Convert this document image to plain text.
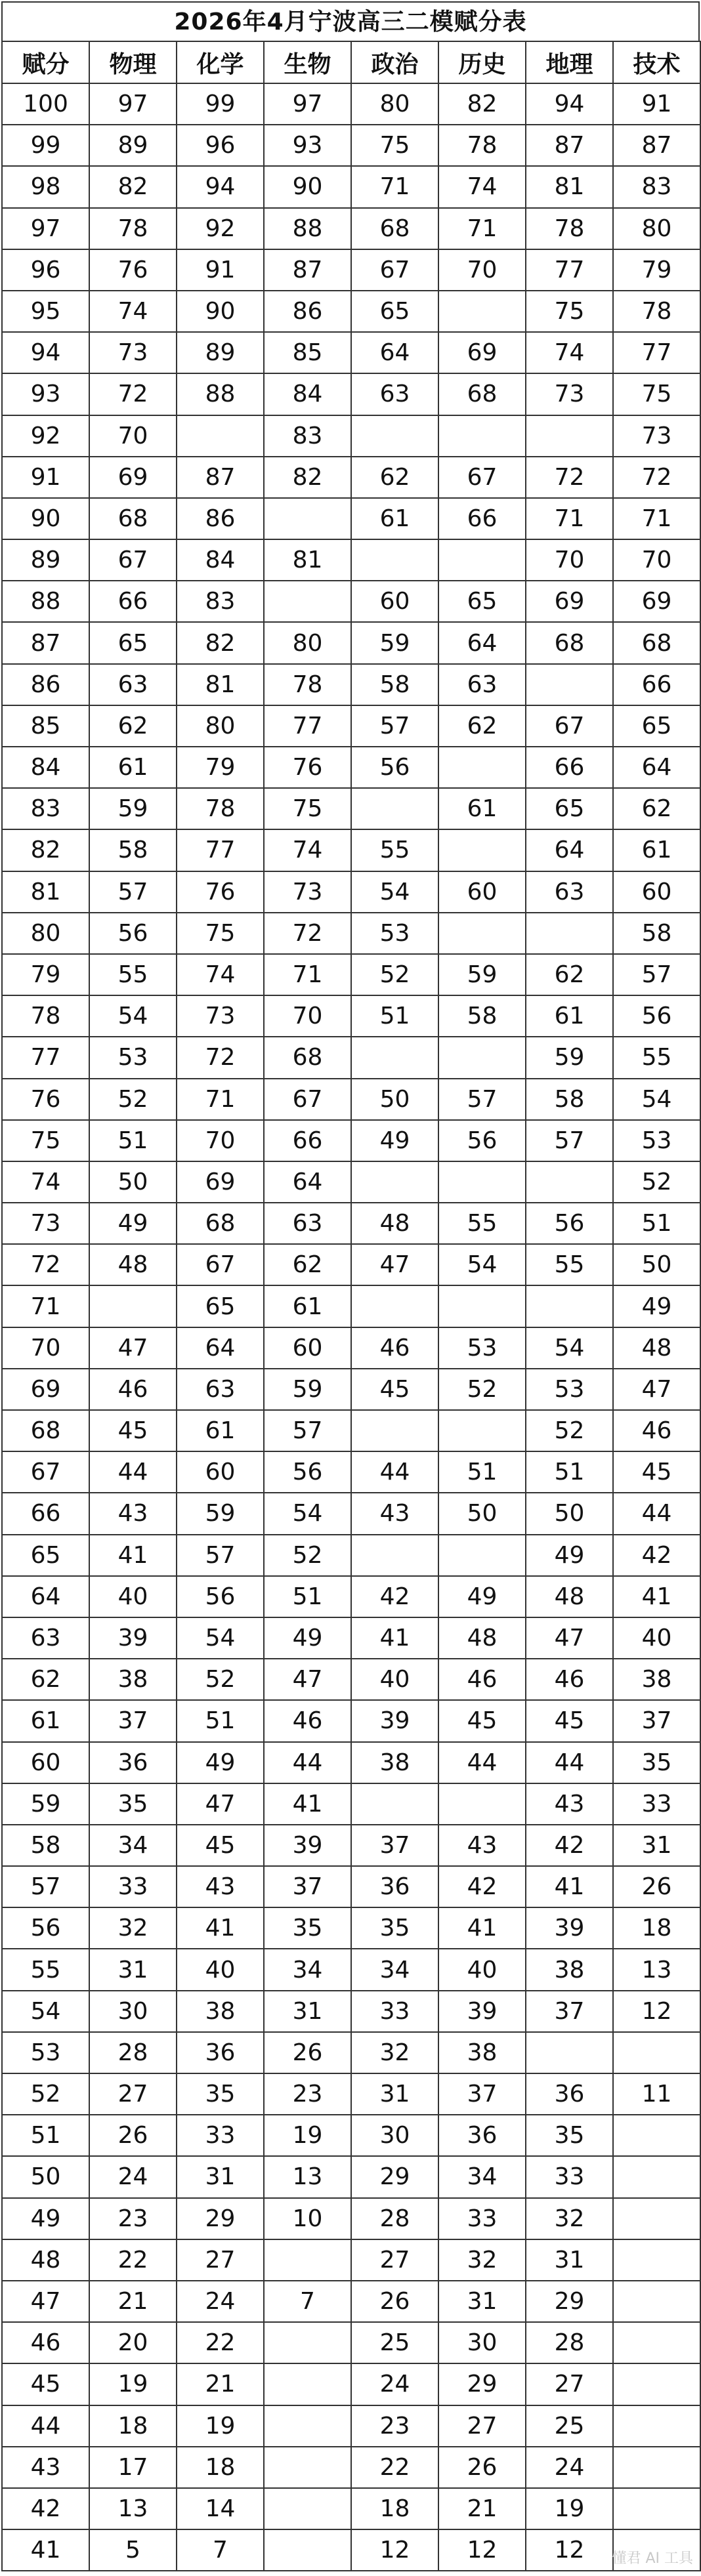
2026年4月宁波高三二模赋分表
赋分	物理	化学	生物	政治	历史	地理	技术
100	97	99	97	80	82	94	91
99	89	96	93	75	78	87	87
98	82	94	90	71	74	81	83
97	78	92	88	68	71	78	80
96	76	91	87	67	70	77	79
95	74	90	86	65		75	78
94	73	89	85	64	69	74	77
93	72	88	84	63	68	73	75
92	70		83				73
91	69	87	82	62	67	72	72
90	68	86		61	66	71	71
89	67	84	81			70	70
88	66	83		60	65	69	69
87	65	82	80	59	64	68	68
86	63	81	78	58	63		66
85	62	80	77	57	62	67	65
84	61	79	76	56		66	64
83	59	78	75		61	65	62
82	58	77	74	55		64	61
81	57	76	73	54	60	63	60
80	56	75	72	53			58
79	55	74	71	52	59	62	57
78	54	73	70	51	58	61	56
77	53	72	68			59	55
76	52	71	67	50	57	58	54
75	51	70	66	49	56	57	53
74	50	69	64				52
73	49	68	63	48	55	56	51
72	48	67	62	47	54	55	50
71		65	61				49
70	47	64	60	46	53	54	48
69	46	63	59	45	52	53	47
68	45	61	57			52	46
67	44	60	56	44	51	51	45
66	43	59	54	43	50	50	44
65	41	57	52			49	42
64	40	56	51	42	49	48	41
63	39	54	49	41	48	47	40
62	38	52	47	40	46	46	38
61	37	51	46	39	45	45	37
60	36	49	44	38	44	44	35
59	35	47	41			43	33
58	34	45	39	37	43	42	31
57	33	43	37	36	42	41	26
56	32	41	35	35	41	39	18
55	31	40	34	34	40	38	13
54	30	38	31	33	39	37	12
53	28	36	26	32	38		
52	27	35	23	31	37	36	11
51	26	33	19	30	36	35	
50	24	31	13	29	34	33	
49	23	29	10	28	33	32	
48	22	27		27	32	31	
47	21	24	7	26	31	29	
46	20	22		25	30	28	
45	19	21		24	29	27	
44	18	19		23	27	25	
43	17	18		22	26	24	
42	13	14		18	21	19	
41	5	7		12	12	12	懂君 AI 工具
